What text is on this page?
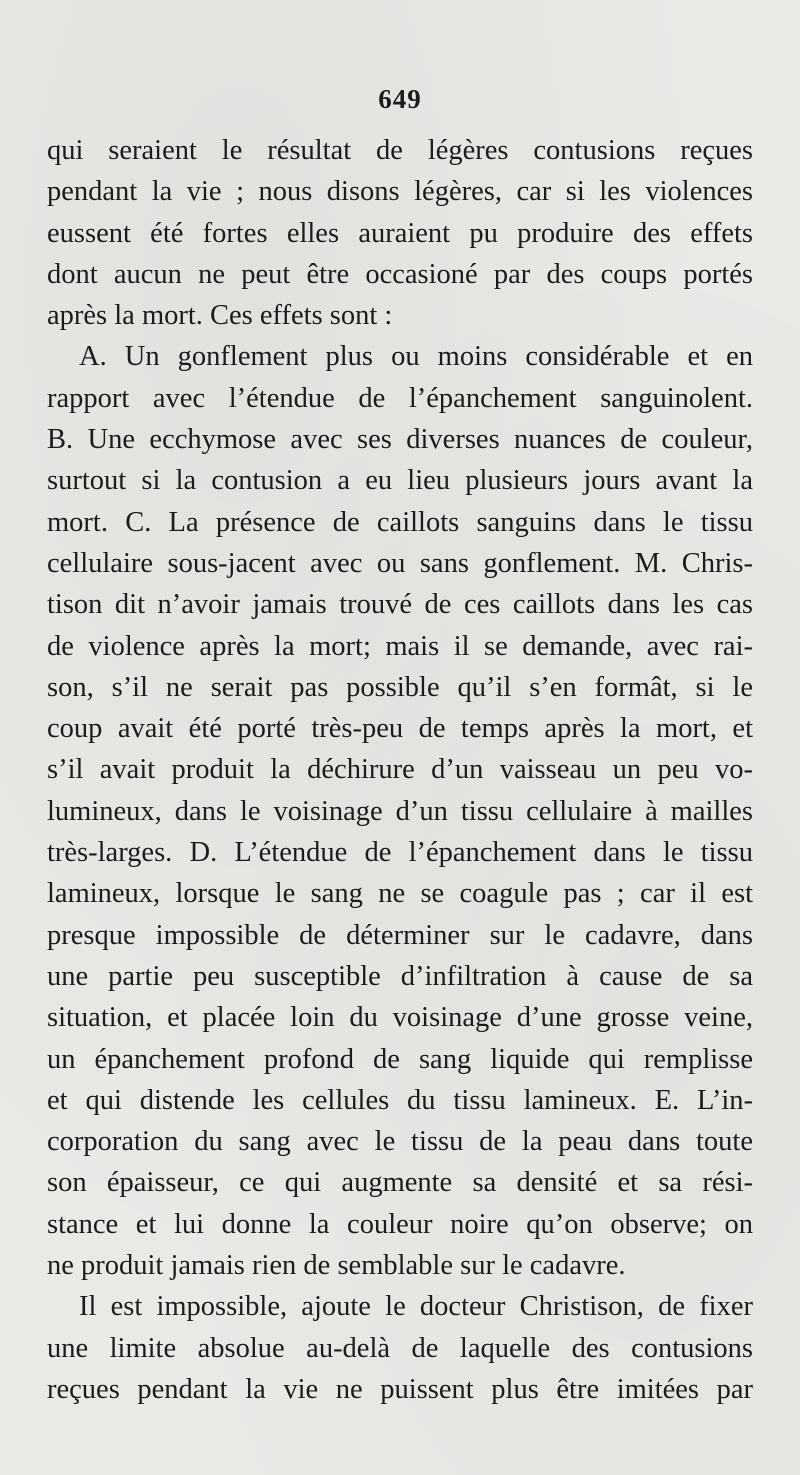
649
qui seraient le résultat de légères contusions reçues
pendant la vie ; nous disons légères, car si les violences
eussent été fortes elles auraient pu produire des effets
dont aucun ne peut être occasioné par des coups portés
après la mort. Ces effets sont :
A. Un gonflement plus ou moins considérable et en
rapport avec l’étendue de l’épanchement sanguinolent.
B. Une ecchymose avec ses diverses nuances de couleur,
surtout si la contusion a eu lieu plusieurs jours avant la
mort. C. La présence de caillots sanguins dans le tissu
cellulaire sous-jacent avec ou sans gonflement. M. Chris-
tison dit n’avoir jamais trouvé de ces caillots dans les cas
de violence après la mort; mais il se demande, avec rai-
son, s’il ne serait pas possible qu’il s’en formât, si le
coup avait été porté très-peu de temps après la mort, et
s’il avait produit la déchirure d’un vaisseau un peu vo-
lumineux, dans le voisinage d’un tissu cellulaire à mailles
très-larges. D. L’étendue de l’épanchement dans le tissu
lamineux, lorsque le sang ne se coagule pas ; car il est
presque impossible de déterminer sur le cadavre, dans
une partie peu susceptible d’infiltration à cause de sa
situation, et placée loin du voisinage d’une grosse veine,
un épanchement profond de sang liquide qui remplisse
et qui distende les cellules du tissu lamineux. E. L’in-
corporation du sang avec le tissu de la peau dans toute
son épaisseur, ce qui augmente sa densité et sa rési-
stance et lui donne la couleur noire qu’on observe; on
ne produit jamais rien de semblable sur le cadavre.
Il est impossible, ajoute le docteur Christison, de fixer
une limite absolue au-delà de laquelle des contusions
reçues pendant la vie ne puissent plus être imitées par
